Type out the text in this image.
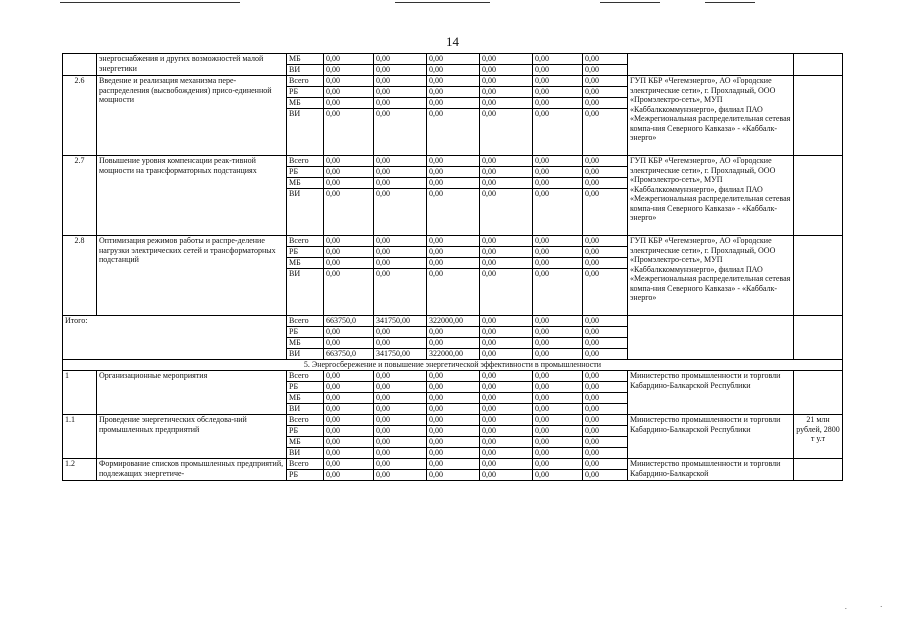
14
	энергоснабжения и других возможностей малой энергетики	МБ	0,00	0,00	0,00	0,00	0,00	0,00		
		ВИ	0,00	0,00	0,00	0,00	0,00	0,00		
2.6	Введение и реализация механизма пере-распределения (высвобождения) присо-единенной мощности	Всего	0,00	0,00	0,00	0,00	0,00	0,00	ГУП КБР «Чегемэнерго», АО «Городские электрические сети», г. Прохладный, ООО «Промэлектро-сеть», МУП «Каббалккоммунэнерго», филиал ПАО «Межрегиональная распределительная сетевая компа-ния Северного Кавказа» - «Каббалк-энерго»	
		РБ	0,00	0,00	0,00	0,00	0,00	0,00		
		МБ	0,00	0,00	0,00	0,00	0,00	0,00		
		ВИ	0,00	0,00	0,00	0,00	0,00	0,00		
2.7	Повышение уровня компенсации реак-тивной мощности на трансформаторных подстанциях	Всего	0,00	0,00	0,00	0,00	0,00	0,00	ГУП КБР «Чегемэнерго», АО «Городские электрические сети», г. Прохладный, ООО «Промэлектро-сеть», МУП «Каббалккоммунэнерго», филиал ПАО «Межрегиональная распределительная сетевая компа-ния Северного Кавказа» - «Каббалк-энерго»	
		РБ	0,00	0,00	0,00	0,00	0,00	0,00		
		МБ	0,00	0,00	0,00	0,00	0,00	0,00		
		ВИ	0,00	0,00	0,00	0,00	0,00	0,00		
2.8	Оптимизация режимов работы и распре-деление нагрузки электрических сетей и трансформаторных подстанций	Всего	0,00	0,00	0,00	0,00	0,00	0,00	ГУП КБР «Чегемэнерго», АО «Городские электрические сети», г. Прохладный, ООО «Промэлектро-сеть», МУП «Каббалккоммунэнерго», филиал ПАО «Межрегиональная распределительная сетевая компа-ния Северного Кавказа» - «Каббалк-энерго»	
		РБ	0,00	0,00	0,00	0,00	0,00	0,00		
		МБ	0,00	0,00	0,00	0,00	0,00	0,00		
		ВИ	0,00	0,00	0,00	0,00	0,00	0,00		
Итого:		Всего	663750,0	341750,00	322000,00	0,00	0,00	0,00		
		РБ	0,00	0,00	0,00	0,00	0,00	0,00		
		МБ	0,00	0,00	0,00	0,00	0,00	0,00		
		ВИ	663750,0	341750,00	322000,00	0,00	0,00	0,00		
5. Энергосбережение и повышение энергетической эффективности в промышленности										
1	Организационные мероприятия	Всего	0,00	0,00	0,00	0,00	0,00	0,00	Министерство промышленности и торговли Кабардино-Балкарской Республики	
		РБ	0,00	0,00	0,00	0,00	0,00	0,00		
		МБ	0,00	0,00	0,00	0,00	0,00	0,00		
		ВИ	0,00	0,00	0,00	0,00	0,00	0,00		
1.1	Проведение энергетических обследова-ний промышленных предприятий	Всего	0,00	0,00	0,00	0,00	0,00	0,00	Министерство промышленности и торговли Кабардино-Балкарской Республики	21 млн рублей, 2800 т у.т
		РБ	0,00	0,00	0,00	0,00	0,00	0,00		
		МБ	0,00	0,00	0,00	0,00	0,00	0,00		
		ВИ	0,00	0,00	0,00	0,00	0,00	0,00		
1.2	Формирование списков промышленных предприятий, подлежащих энергетиче-	Всего	0,00	0,00	0,00	0,00	0,00	0,00	Министерство промышленности и торговли Кабардино-Балкарской	
		РБ	0,00	0,00	0,00	0,00	0,00	0,00		
.	·
